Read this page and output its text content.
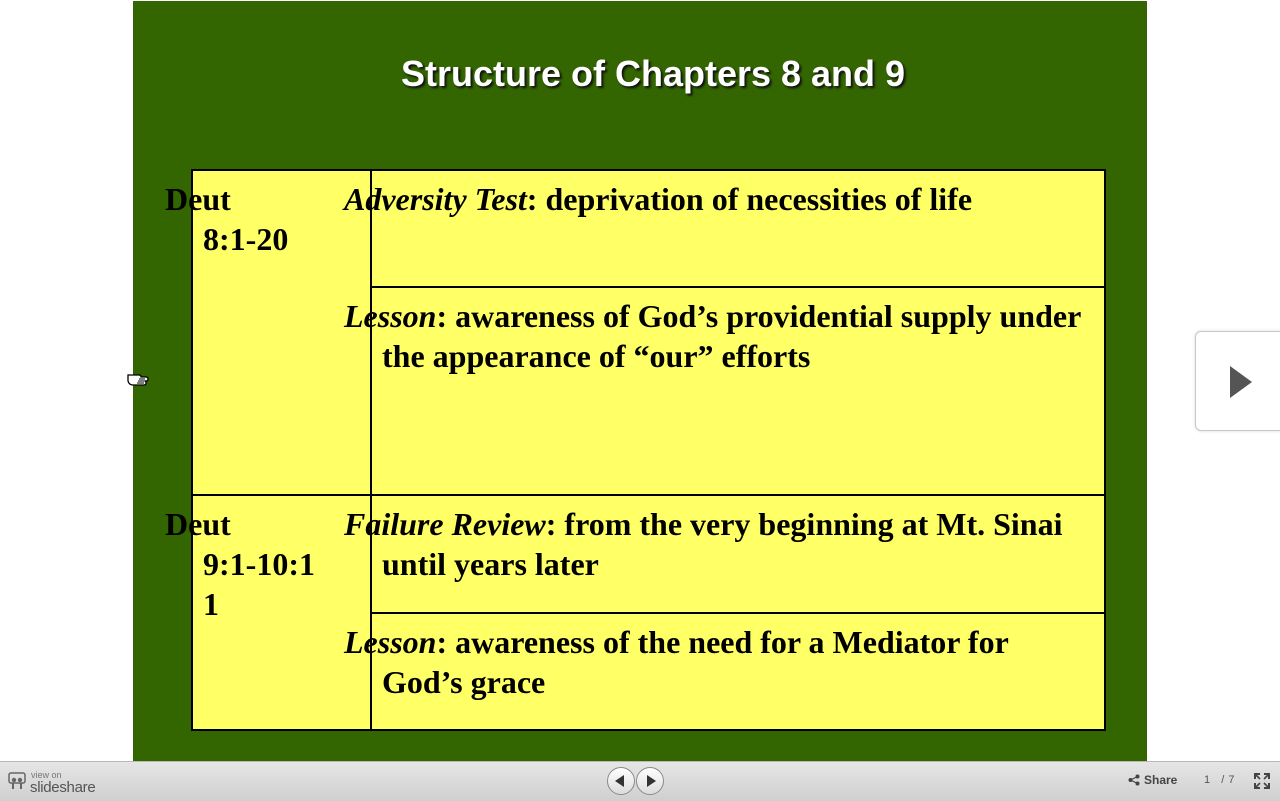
Structure of Chapters 8 and 9
Deut
8:1-20	Adversity Test: deprivation of necessities of life
	Lesson: awareness of God’s providential supply under the appearance of “our” efforts
Deut
9:1-10:1
1	Failure Review: from the very beginning at Mt. Sinai until years later
	Lesson: awareness of the need for a Mediator for God’s grace
view on
slideshare	Share 1 / 7
